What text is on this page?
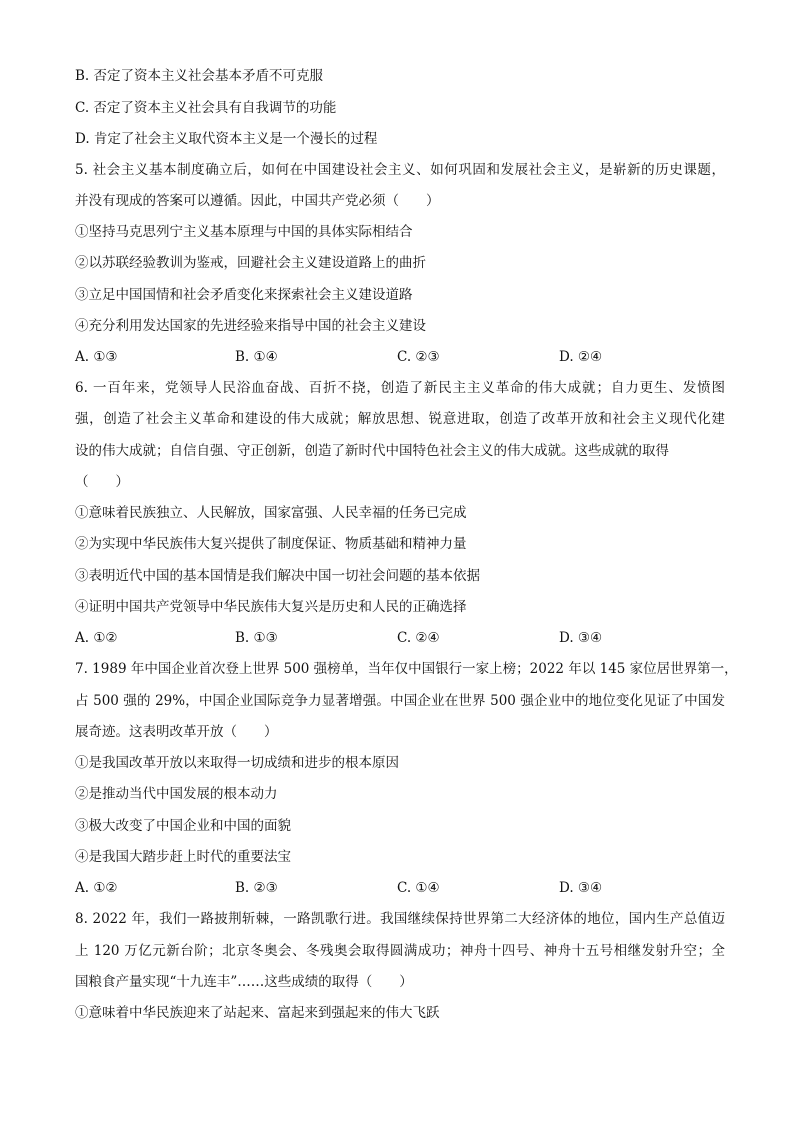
B. 否定了资本主义社会基本矛盾不可克服
C. 否定了资本主义社会具有自我调节的功能
D. 肯定了社会主义取代资本主义是一个漫长的过程
5. 社会主义基本制度确立后，如何在中国建设社会主义、如何巩固和发展社会主义，是崭新的历史课题，
并没有现成的答案可以遵循。因此，中国共产党必须（　　）
①坚持马克思列宁主义基本原理与中国的具体实际相结合
②以苏联经验教训为鉴戒，回避社会主义建设道路上的曲折
③立足中国国情和社会矛盾变化来探索社会主义建设道路
④充分利用发达国家的先进经验来指导中国的社会主义建设
A. ①③	B. ①④	C. ②③	D. ②④
6. 一百年来，党领导人民浴血奋战、百折不挠，创造了新民主主义革命的伟大成就；自力更生、发愤图
强，创造了社会主义革命和建设的伟大成就；解放思想、锐意进取，创造了改革开放和社会主义现代化建
设的伟大成就；自信自强、守正创新，创造了新时代中国特色社会主义的伟大成就。这些成就的取得
（　　）
①意味着民族独立、人民解放，国家富强、人民幸福的任务已完成
②为实现中华民族伟大复兴提供了制度保证、物质基础和精神力量
③表明近代中国的基本国情是我们解决中国一切社会问题的基本依据
④证明中国共产党领导中华民族伟大复兴是历史和人民的正确选择
A. ①②	B. ①③	C. ②④	D. ③④
7. 1989 年中国企业首次登上世界 500 强榜单，当年仅中国银行一家上榜；2022 年以 145 家位居世界第一，
占 500 强的 29%，中国企业国际竞争力显著增强。中国企业在世界 500 强企业中的地位变化见证了中国发
展奇迹。这表明改革开放（　　）
①是我国改革开放以来取得一切成绩和进步的根本原因
②是推动当代中国发展的根本动力
③极大改变了中国企业和中国的面貌
④是我国大踏步赶上时代的重要法宝
A. ①②	B. ②③	C. ①④	D. ③④
8. 2022 年，我们一路披荆斩棘，一路凯歌行进。我国继续保持世界第二大经济体的地位，国内生产总值迈
上 120 万亿元新台阶；北京冬奥会、冬残奥会取得圆满成功；神舟十四号、神舟十五号相继发射升空；全
国粮食产量实现“十九连丰”……这些成绩的取得（　　）
①意味着中华民族迎来了站起来、富起来到强起来的伟大飞跃
